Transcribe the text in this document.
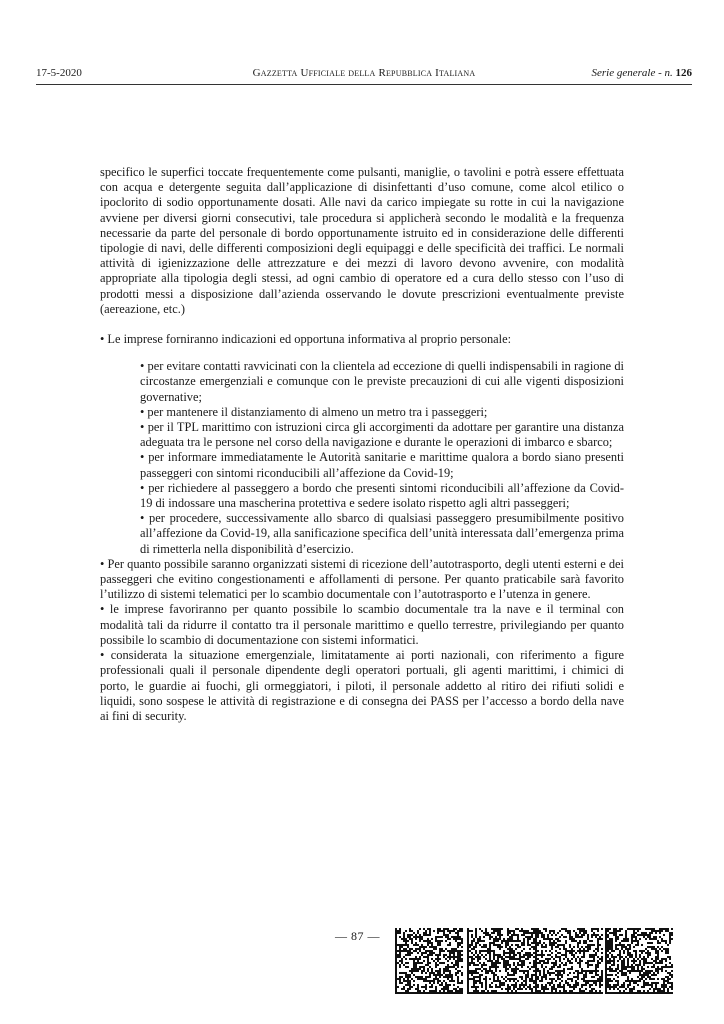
17-5-2020	Gazzetta Ufficiale della Repubblica Italiana	Serie generale - n. 126

specifico le superfici toccate frequentemente come pulsanti, maniglie, o tavolini e potrà essere effettuata con acqua e detergente seguita dall’applicazione di disinfettanti d’uso comune, come alcol etilico o ipoclorito di sodio opportunamente dosati. Alle navi da carico impiegate su rotte in cui la navigazione avviene per diversi giorni consecutivi, tale procedura si applicherà secondo le modalità e la frequenza necessarie da parte del personale di bordo opportunamente istruito ed in considerazione delle differenti tipologie di navi, delle differenti composizioni degli equipaggi e delle specificità dei traffici. Le normali attività di igienizzazione delle attrezzature e dei mezzi di lavoro devono avvenire, con modalità appropriate alla tipologia degli stessi, ad ogni cambio di operatore ed a cura dello stesso con l’uso di prodotti messi a disposizione dall’azienda osservando le dovute prescrizioni eventualmente previste (aereazione, etc.)

• Le imprese forniranno indicazioni ed opportuna informativa al proprio personale:

• per evitare contatti ravvicinati con la clientela ad eccezione di quelli indispensabili in ragione di circostanze emergenziali e comunque con le previste precauzioni di cui alle vigenti disposizioni governative;

• per mantenere il distanziamento di almeno un metro tra i passeggeri;

• per il TPL marittimo con istruzioni circa gli accorgimenti da adottare per garantire una distanza adeguata tra le persone nel corso della navigazione e durante le operazioni di imbarco e sbarco;

• per informare immediatamente le Autorità sanitarie e marittime qualora a bordo siano presenti passeggeri con sintomi riconducibili all’affezione da Covid-19;

• per richiedere al passeggero a bordo che presenti sintomi riconducibili all’affezione da Covid-19 di indossare una mascherina protettiva e sedere isolato rispetto agli altri passeggeri;

• per procedere, successivamente allo sbarco di qualsiasi passeggero presumibilmente positivo all’affezione da Covid-19, alla sanificazione specifica dell’unità interessata dall’emergenza prima di rimetterla nella disponibilità d’esercizio.

• Per quanto possibile saranno organizzati sistemi di ricezione dell’autotrasporto, degli utenti esterni e dei passeggeri che evitino congestionamenti e affollamenti di persone. Per quanto praticabile sarà favorito l’utilizzo di sistemi telematici per lo scambio documentale con l’autotrasporto e l’utenza in genere.

• le imprese favoriranno per quanto possibile lo scambio documentale tra la nave e il terminal con modalità tali da ridurre il contatto tra il personale marittimo e quello terrestre, privilegiando per quanto possibile lo scambio di documentazione con sistemi informatici.

• considerata la situazione emergenziale, limitatamente ai porti nazionali, con riferimento a figure professionali quali il personale dipendente degli operatori portuali, gli agenti marittimi, i chimici di porto, le guardie ai fuochi, gli ormeggiatori, i piloti, il personale addetto al ritiro dei rifiuti solidi e liquidi, sono sospese le attività di registrazione e di consegna dei PASS per l’accesso a bordo della nave ai fini di security.

— 87 —
